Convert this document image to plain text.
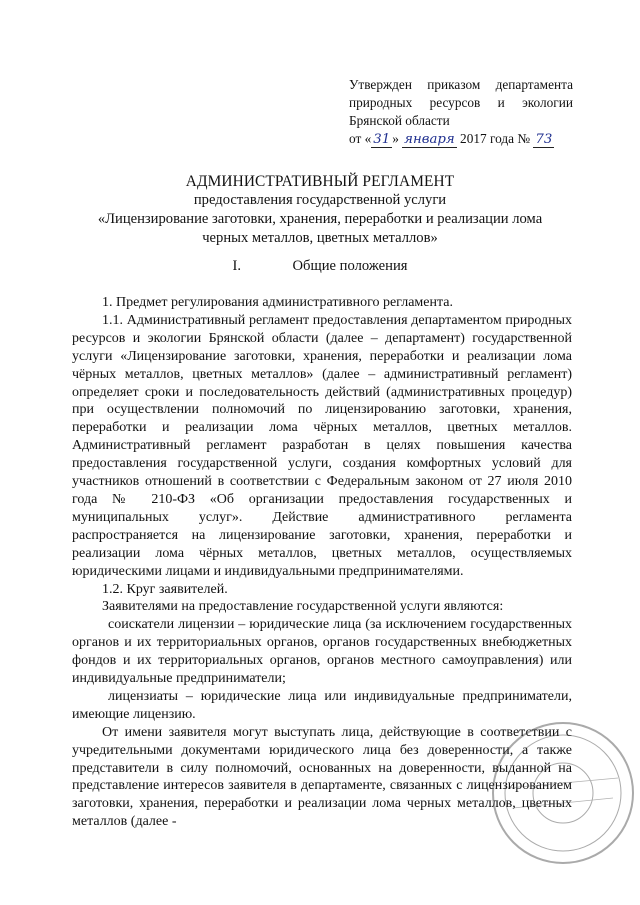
Утвержден приказом департамента
природных ресурсов и экологии
Брянской области
от « 31 » января 2017 года № 73
АДМИНИСТРАТИВНЫЙ РЕГЛАМЕНТ
предоставления государственной услуги
«Лицензирование заготовки, хранения, переработки и реализации лома
черных металлов, цветных металлов»
I.	Общие положения

1. Предмет регулирования административного регламента.

1.1. Административный регламент предоставления департаментом природных ресурсов и экологии Брянской области (далее – департамент) государственной услуги «Лицензирование заготовки, хранения, переработки и реализации лома чёрных металлов, цветных металлов» (далее – административный регламент) определяет сроки и последовательность действий (административных процедур) при осуществлении полномочий по лицензированию заготовки, хранения, переработки и реализации лома чёрных металлов, цветных металлов. Административный регламент разработан в целях повышения качества предоставления государственной услуги, создания комфортных условий для участников отношений в соответствии с Федеральным законом от 27 июля 2010 года № 210-ФЗ «Об организации предоставления государственных и муниципальных услуг». Действие административного регламента распространяется на лицензирование заготовки, хранения, переработки и реализации лома чёрных металлов, цветных металлов, осуществляемых юридическими лицами и индивидуальными предпринимателями.

1.2. Круг заявителей.

Заявителями на предоставление государственной услуги являются:

соискатели лицензии – юридические лица (за исключением государственных органов и их территориальных органов, органов государственных внебюджетных фондов и их территориальных органов, органов местного самоуправления) или индивидуальные предприниматели;

лицензиаты – юридические лица или индивидуальные предприниматели, имеющие лицензию.

От имени заявителя могут выступать лица, действующие в соответствии с учредительными документами юридического лица без доверенности, а также представители в силу полномочий, основанных на доверенности, выданной на представление интересов заявителя в департаменте, связанных с лицензированием заготовки, хранения, переработки и реализации лома черных металлов, цветных металлов (далее -
